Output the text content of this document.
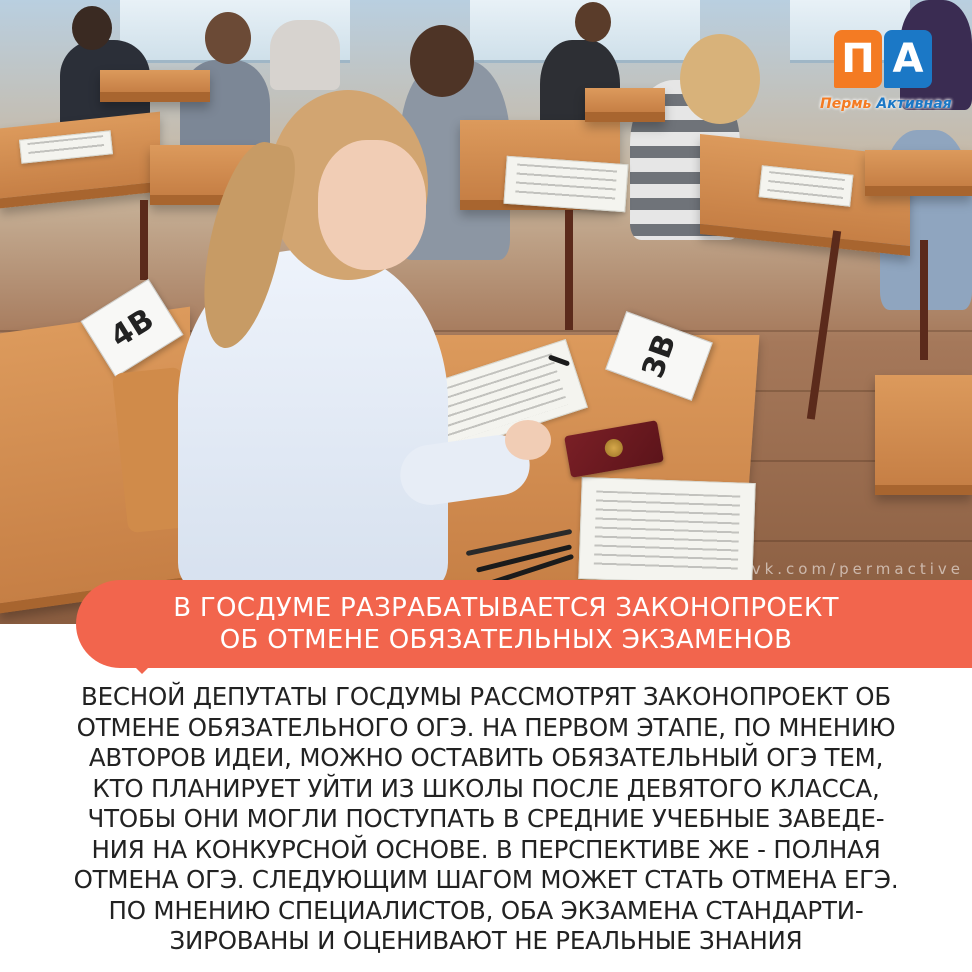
4В
3В
vk.com/permactive
П А
Пермь Активная
В ГОСДУМЕ РАЗРАБАТЫВАЕТСЯ ЗАКОНОПРОЕКТ
ОБ ОТМЕНЕ ОБЯЗАТЕЛЬНЫХ ЭКЗАМЕНОВ
ВЕСНОЙ ДЕПУТАТЫ ГОСДУМЫ РАССМОТРЯТ ЗАКОНОПРОЕКТ ОБ
ОТМЕНЕ ОБЯЗАТЕЛЬНОГО ОГЭ. НА ПЕРВОМ ЭТАПЕ, ПО МНЕНИЮ
АВТОРОВ ИДЕИ, МОЖНО ОСТАВИТЬ ОБЯЗАТЕЛЬНЫЙ ОГЭ ТЕМ,
КТО ПЛАНИРУЕТ УЙТИ ИЗ ШКОЛЫ ПОСЛЕ ДЕВЯТОГО КЛАССА,
ЧТОБЫ ОНИ МОГЛИ ПОСТУПАТЬ В СРЕДНИЕ УЧЕБНЫЕ ЗАВЕДЕ-
НИЯ НА КОНКУРСНОЙ ОСНОВЕ. В ПЕРСПЕКТИВЕ ЖЕ - ПОЛНАЯ
ОТМЕНА ОГЭ. СЛЕДУЮЩИМ ШАГОМ МОЖЕТ СТАТЬ ОТМЕНА ЕГЭ.
ПО МНЕНИЮ СПЕЦИАЛИСТОВ, ОБА ЭКЗАМЕНА СТАНДАРТИ-
ЗИРОВАНЫ И ОЦЕНИВАЮТ НЕ РЕАЛЬНЫЕ ЗНАНИЯ
